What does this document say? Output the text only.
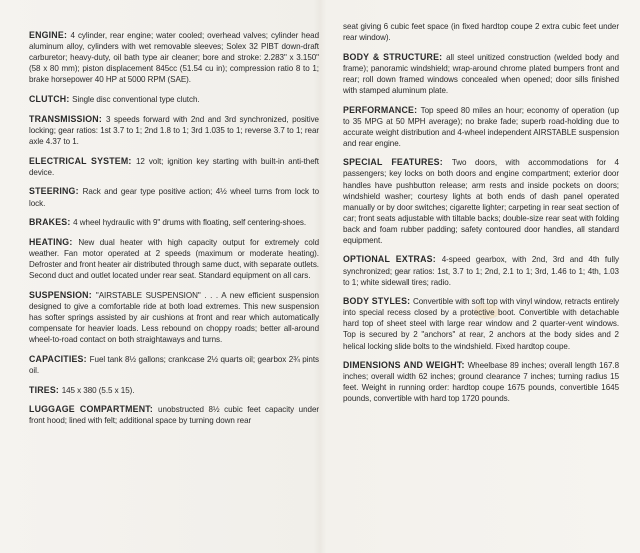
ENGINE: 4 cylinder, rear engine; water cooled; overhead valves; cylinder head aluminum alloy, cylinders with wet removable sleeves; Solex 32 PIBT down-draft carburetor; heavy-duty, oil bath type air cleaner; bore and stroke: 2.283" x 3.150" (58 x 80 mm); piston displacement 845cc (51.54 cu in); compression ratio 8 to 1; brake horsepower 40 HP at 5000 RPM (SAE).

CLUTCH: Single disc conventional type clutch.

TRANSMISSION: 3 speeds forward with 2nd and 3rd synchronized, positive locking; gear ratios: 1st 3.7 to 1; 2nd 1.8 to 1; 3rd 1.035 to 1; reverse 3.7 to 1; rear axle 4.37 to 1.

ELECTRICAL SYSTEM: 12 volt; ignition key starting with built-in anti-theft device.

STEERING: Rack and gear type positive action; 4½ wheel turns from lock to lock.

BRAKES: 4 wheel hydraulic with 9" drums with floating, self centering-shoes.

HEATING: New dual heater with high capacity output for extremely cold weather. Fan motor operated at 2 speeds (maximum or moderate heating). Defroster and front heater air distributed through same duct, with separate outlets. Second duct and outlet located under rear seat. Standard equipment on all cars.

SUSPENSION: "AIRSTABLE SUSPENSION" . . . A new efficient suspension designed to give a comfortable ride at both load extremes. This new suspension has softer springs assisted by air cushions at front and rear which automatically compensate for heavier loads. Less rebound on choppy roads; better all-around wheel-to-road contact on both straightaways and turns.

CAPACITIES: Fuel tank 8½ gallons; crankcase 2½ quarts oil; gearbox 2¾ pints oil.

TIRES: 145 x 380 (5.5 x 15).

LUGGAGE COMPARTMENT: unobstructed 8½ cubic feet capacity under front hood; lined with felt; additional space by turning down rear

seat giving 6 cubic feet space (in fixed hardtop coupe 2 extra cubic feet under rear window).

BODY & STRUCTURE: all steel unitized construction (welded body and frame); panoramic windshield; wrap-around chrome plated bumpers front and rear; roll down framed windows concealed when opened; door sills finished with stamped aluminum plate.

PERFORMANCE: Top speed 80 miles an hour; economy of operation (up to 35 MPG at 50 MPH average); no brake fade; superb road-holding due to accurate weight distribution and 4-wheel independent AIRSTABLE suspension and rear engine.

SPECIAL FEATURES: Two doors, with accommodations for 4 passengers; key locks on both doors and engine compartment; exterior door handles have pushbutton release; arm rests and inside pockets on doors; windshield washer; courtesy lights at both ends of dash panel operated manually or by door switches; cigarette lighter; carpeting in rear seat section of car; front seats adjustable with tiltable backs; double-size rear seat with folding back and foam rubber padding; safety contoured door handles, all standard equipment.

OPTIONAL EXTRAS: 4-speed gearbox, with 2nd, 3rd and 4th fully synchronized; gear ratios: 1st, 3.7 to 1; 2nd, 2.1 to 1; 3rd, 1.46 to 1; 4th, 1.03 to 1; white sidewall tires; radio.

BODY STYLES: Convertible with soft top with vinyl window, retracts entirely into special recess closed by a protective boot. Convertible with detachable hard top of sheet steel with large rear window and 2 quarter-vent windows. Top is secured by 2 "anchors" at rear, 2 anchors at the body sides and 2 helical locking slide bolts to the windshield. Fixed hardtop coupe.

DIMENSIONS AND WEIGHT: Wheelbase 89 inches; overall length 167.8 inches; overall width 62 inches; ground clearance 7 inches; turning radius 15 feet. Weight in running order: hardtop coupe 1675 pounds, convertible 1645 pounds, convertible with hard top 1720 pounds.
